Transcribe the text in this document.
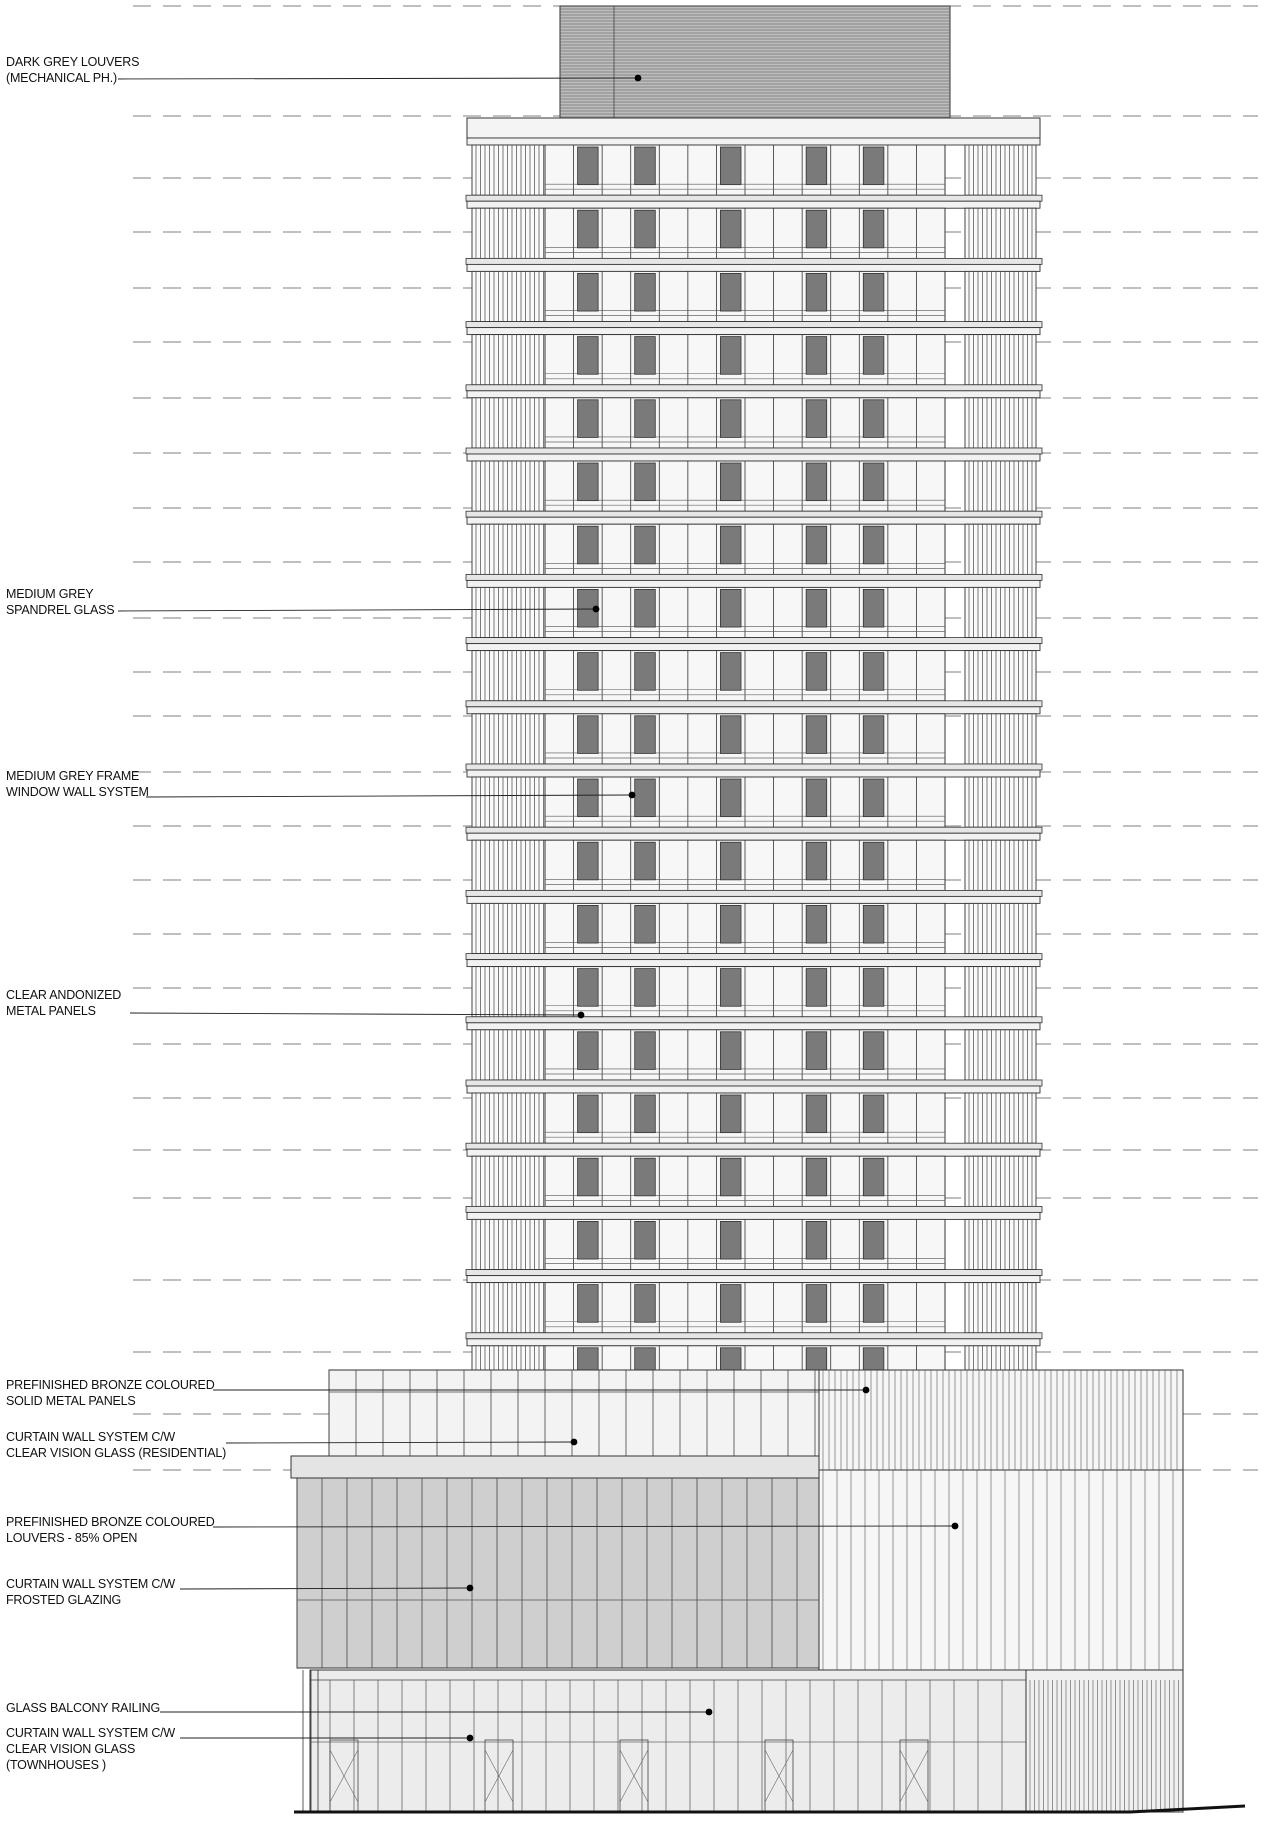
DARK GREY LOUVERS
(MECHANICAL PH.)
MEDIUM GREY
SPANDREL GLASS
MEDIUM GREY FRAME
WINDOW WALL SYSTEM
CLEAR ANDONIZED
METAL PANELS
PREFINISHED BRONZE COLOURED
SOLID METAL PANELS
CURTAIN WALL SYSTEM C/W
CLEAR VISION GLASS (RESIDENTIAL)
PREFINISHED BRONZE COLOURED
LOUVERS - 85% OPEN
CURTAIN WALL SYSTEM C/W
FROSTED GLAZING
GLASS BALCONY RAILING
CURTAIN WALL SYSTEM C/W
CLEAR VISION GLASS
(TOWNHOUSES )
